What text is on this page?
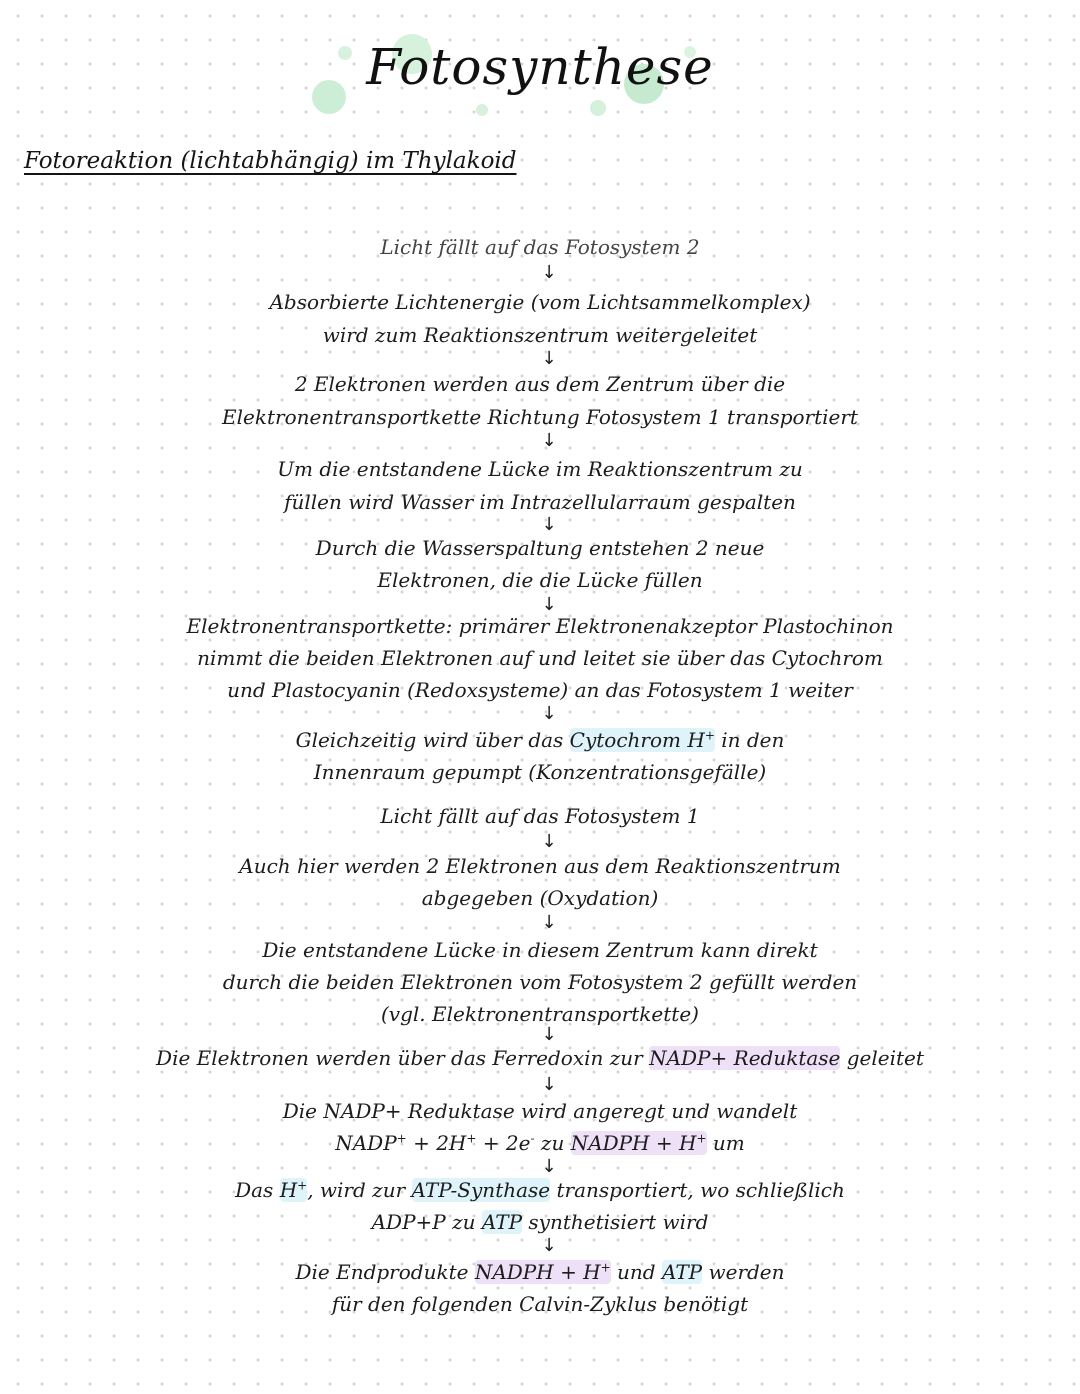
Fotosynthese
Fotoreaktion (lichtabhängig) im Thylakoid
Licht fällt auf das Fotosystem 2
↓
Absorbierte Lichtenergie (vom Lichtsammelkomplex)
wird zum Reaktionszentrum weitergeleitet
↓
2 Elektronen werden aus dem Zentrum über die
Elektronentransportkette Richtung Fotosystem 1 transportiert
↓
Um die entstandene Lücke im Reaktionszentrum zu
füllen wird Wasser im Intrazellularraum gespalten
↓
Durch die Wasserspaltung entstehen 2 neue
Elektronen, die die Lücke füllen
↓
Elektronentransportkette: primärer Elektronenakzeptor Plastochinon
nimmt die beiden Elektronen auf und leitet sie über das Cytochrom
und Plastocyanin (Redoxsysteme) an das Fotosystem 1 weiter
↓
Gleichzeitig wird über das Cytochrom H+ in den
Innenraum gepumpt (Konzentrationsgefälle)
Licht fällt auf das Fotosystem 1
↓
Auch hier werden 2 Elektronen aus dem Reaktionszentrum
abgegeben (Oxydation)
↓
Die entstandene Lücke in diesem Zentrum kann direkt
durch die beiden Elektronen vom Fotosystem 2 gefüllt werden
(vgl. Elektronentransportkette)
↓
Die Elektronen werden über das Ferredoxin zur NADP+ Reduktase geleitet
↓
Die NADP+ Reduktase wird angeregt und wandelt
NADP+ + 2H+ + 2e- zu NADPH + H+ um
↓
Das H+, wird zur ATP-Synthase transportiert, wo schließlich
ADP+P zu ATP synthetisiert wird
↓
Die Endprodukte NADPH + H+ und ATP werden
für den folgenden Calvin-Zyklus benötigt
